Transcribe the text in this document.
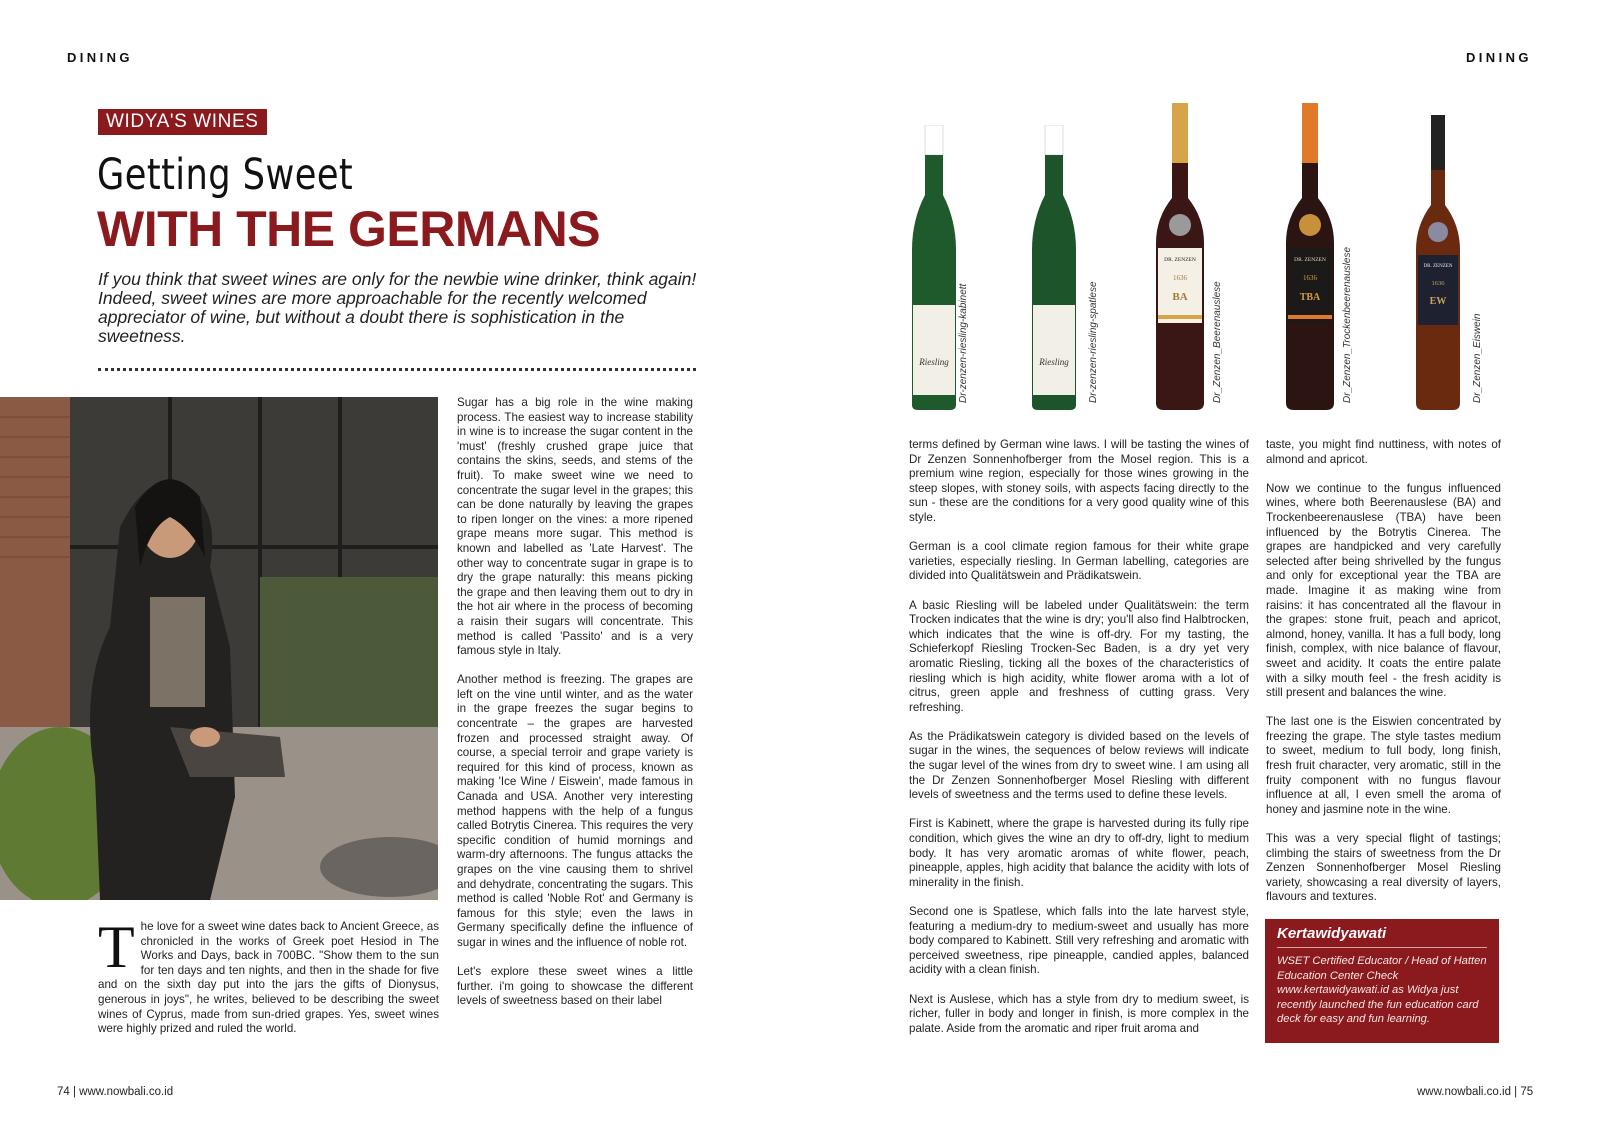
DINING
WIDYA'S WINES
Getting Sweet
WITH THE GERMANS
If you think that sweet wines are only for the newbie wine drinker, think again! Indeed, sweet wines are more approachable for the recently welcomed appreciator of wine, but without a doubt there is sophistication in the sweetness.

The love for a sweet wine dates back to Ancient Greece, as chronicled in the works of Greek poet Hesiod in The Works and Days, back in 700BC. "Show them to the sun for ten days and ten nights, and then in the shade for five and on the sixth day put into the jars the gifts of Dionysus, generous in joys", he writes, believed to be describing the sweet wines of Cyprus, made from sun-dried grapes. Yes, sweet wines were highly prized and ruled the world.

Sugar has a big role in the wine making process. The easiest way to increase stability in wine is to increase the sugar content in the 'must' (freshly crushed grape juice that contains the skins, seeds, and stems of the fruit). To make sweet wine we need to concentrate the sugar level in the grapes; this can be done naturally by leaving the grapes to ripen longer on the vines: a more ripened grape means more sugar. This method is known and labelled as 'Late Harvest'. The other way to concentrate sugar in grape is to dry the grape naturally: this means picking the grape and then leaving them out to dry in the hot air where in the process of becoming a raisin their sugars will concentrate. This method is called 'Passito' and is a very famous style in Italy.

Another method is freezing. The grapes are left on the vine until winter, and as the water in the grape freezes the sugar begins to concentrate – the grapes are harvested frozen and processed straight away. Of course, a special terroir and grape variety is required for this kind of process, known as making 'Ice Wine / Eiswein', made famous in Canada and USA. Another very interesting method happens with the help of a fungus called Botrytis Cinerea. This requires the very specific condition of humid mornings and warm-dry afternoons. The fungus attacks the grapes on the vine causing them to shrivel and dehydrate, concentrating the sugars. This method is called 'Noble Rot' and Germany is famous for this style; even the laws in Germany specifically define the influence of sugar in wines and the influence of noble rot.

Let's explore these sweet wines a little further. i'm going to showcase the different levels of sweetness based on their label

74 | www.nowbali.co.id
DINING
Riesling Dr-zenzen-riesling-kabinett	Riesling Dr-zenzen-riesling-spatlese
DR. ZENZEN
1636
BA Dr_Zenzen_Beerenauslese
DR. ZENZEN
1636
TBA Dr_Zenzen_Trockenbeerenauslese	DR. ZENZEN
1636
EW
Dr_Zenzen_Eiswein

terms defined by German wine laws. I will be tasting the wines of Dr Zenzen Sonnenhofberger from the Mosel region. This is a premium wine region, especially for those wines growing in the steep slopes, with stoney soils, with aspects facing directly to the sun - these are the conditions for a very good quality wine of this style.

German is a cool climate region famous for their white grape varieties, especially riesling. In German labelling, categories are divided into Qualitätswein and Prädikatswein.

A basic Riesling will be labeled under Qualitätswein: the term Trocken indicates that the wine is dry; you'll also find Halbtrocken, which indicates that the wine is off-dry. For my tasting, the Schieferkopf Riesling Trocken-Sec Baden, is a dry yet very aromatic Riesling, ticking all the boxes of the characteristics of riesling which is high acidity, white flower aroma with a lot of citrus, green apple and freshness of cutting grass. Very refreshing.

As the Prädikatswein category is divided based on the levels of sugar in the wines, the sequences of below reviews will indicate the sugar level of the wines from dry to sweet wine. I am using all the Dr Zenzen Sonnenhofberger Mosel Riesling with different levels of sweetness and the terms used to define these levels.

First is Kabinett, where the grape is harvested during its fully ripe condition, which gives the wine an dry to off-dry, light to medium body. It has very aromatic aromas of white flower, peach, pineapple, apples, high acidity that balance the acidity with lots of minerality in the finish.

Second one is Spatlese, which falls into the late harvest style, featuring a medium-dry to medium-sweet and usually has more body compared to Kabinett. Still very refreshing and aromatic with perceived sweetness, ripe pineapple, candied apples, balanced acidity with a clean finish.

Next is Auslese, which has a style from dry to medium sweet, is richer, fuller in body and longer in finish, is more complex in the palate. Aside from the aromatic and riper fruit aroma and

taste, you might find nuttiness, with notes of almond and apricot.

Now we continue to the fungus influenced wines, where both Beerenauslese (BA) and Trockenbeerenauslese (TBA) have been influenced by the Botrytis Cinerea. The grapes are handpicked and very carefully selected after being shrivelled by the fungus and only for exceptional year the TBA are made. Imagine it as making wine from raisins: it has concentrated all the flavour in the grapes: stone fruit, peach and apricot, almond, honey, vanilla. It has a full body, long finish, complex, with nice balance of flavour, sweet and acidity. It coats the entire palate with a silky mouth feel - the fresh acidity is still present and balances the wine.

The last one is the Eiswien concentrated by freezing the grape. The style tastes medium to sweet, medium to full body, long finish, fresh fruit character, very aromatic, still in the fruity component with no fungus flavour influence at all, I even smell the aroma of honey and jasmine note in the wine.

This was a very special flight of tastings; climbing the stairs of sweetness from the Dr Zenzen Sonnenhofberger Mosel Riesling variety, showcasing a real diversity of layers, flavours and textures.

Kertawidyawati
WSET Certified Educator / Head of Hatten Education Center Check www.kertawidyawati.id as Widya just recently launched the fun education card deck for easy and fun learning.
www.nowbali.co.id | 75
